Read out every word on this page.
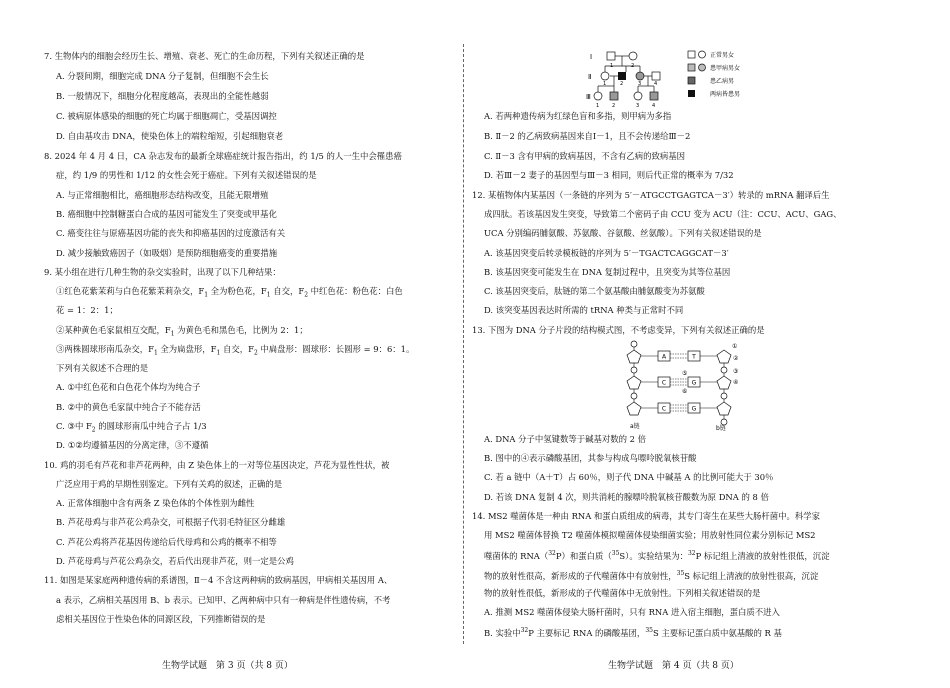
7. 生物体内的细胞会经历生长、增殖、衰老、死亡的生命历程，下列有关叙述正确的是
A. 分裂间期，细胞完成 DNA 分子复制，但细胞不会生长
B. 一般情况下，细胞分化程度越高，表现出的全能性越弱
C. 被病原体感染的细胞的死亡均属于细胞凋亡，受基因调控
D. 自由基攻击 DNA，使染色体上的端粒缩短，引起细胞衰老
8. 2024 年 4 月 4 日，CA 杂志发布的最新全球癌症统计报告指出，约 1/5 的人一生中会罹患癌
症，约 1/9 的男性和 1/12 的女性会死于癌症。下列有关叙述错误的是
A. 与正常细胞相比，癌细胞形态结构改变，且能无限增殖
B. 癌细胞中控制糖蛋白合成的基因可能发生了突变或甲基化
C. 癌变往往与原癌基因功能的丧失和抑癌基因的过度激活有关
D. 减少接触致癌因子（如吸烟）是预防细胞癌变的重要措施
9. 某小组在进行几种生物的杂交实验时，出现了以下几种结果：
①红色花紫茉莉与白色花紫茉莉杂交，$F_1$ 全为粉色花，$F_1$ 自交，$F_2$ 中红色花：粉色花：白色
花 = 1：2：1；
②某种黄色毛家鼠相互交配，$F_1$ 为黄色毛和黑色毛，比例为 2：1；
③两株圆球形南瓜杂交，$F_1$ 全为扁盘形，$F_1$ 自交，$F_2$ 中扁盘形：圆球形：长圆形 = 9：6：1。
下列有关叙述不合理的是
A. ①中红色花和白色花个体均为纯合子
B. ②中的黄色毛家鼠中纯合子不能存活
C. ③中 $F_2$ 的圆球形南瓜中纯合子占 1/3
D. ①②均遵循基因的分离定律，③不遵循
10. 鸡的羽毛有芦花和非芦花两种，由 Z 染色体上的一对等位基因决定，芦花为显性性状，被
广泛应用于鸡的早期性别鉴定。下列有关鸡的叙述，正确的是
A. 正常体细胞中含有两条 Z 染色体的个体性别为雌性
B. 芦花母鸡与非芦花公鸡杂交，可根据子代羽毛特征区分雌雄
C. 芦花公鸡将芦花基因传递给后代母鸡和公鸡的概率不相等
D. 芦花母鸡与芦花公鸡杂交，若后代出现非芦花，则一定是公鸡
11. 如图是某家庭两种遗传病的系谱图，Ⅱ－4 不含这两种病的致病基因，甲病相关基因用 A、
a 表示，乙病相关基因用 B、b 表示。已知甲、乙两种病中只有一种病是伴性遗传病，不考
虑相关基因位于性染色体的同源区段，下列推断错误的是
生物学试题　第 3 页（共 8 页）
Ⅰ
Ⅱ
Ⅲ
1	2
1	2	3	4
1	2	3	4
正常男女
患甲病男女
患乙病男
两病皆患男
A. 若两种遗传病为红绿色盲和多指，则甲病为多指
B. Ⅱ－2 的乙病致病基因来自Ⅰ－1，且不会传递给Ⅲ－2
C. Ⅱ－3 含有甲病的致病基因，不含有乙病的致病基因
D. 若Ⅲ－2 妻子的基因型与Ⅲ－3 相同，则后代正常的概率为 7/32
12. 某植物体内某基因（一条链的序列为 5′－ATGCCTGAGTCA－3′）转录的 mRNA 翻译后生
成四肽。若该基因发生突变，导致第二个密码子由 CCU 变为 ACU（注：CCU、ACU、GAG、
UCA 分别编码脯氨酸、苏氨酸、谷氨酸、丝氨酸）。下列有关叙述错误的是
A. 该基因突变后转录模板链的序列为 5′－TGACTCAGGCAT－3′
B. 该基因突变可能发生在 DNA 复制过程中，且突变为其等位基因
C. 该基因突变后，肽链的第二个氨基酸由脯氨酸变为苏氨酸
D. 该突变基因表达时所需的 tRNA 种类与正常时不同
13. 下图为 DNA 分子片段的结构模式图，不考虑变异，下列有关叙述正确的是
A
C
C
T
G
G
①
②
③
④
⑤
⑥
a链	b链
A. DNA 分子中氢键数等于碱基对数的 2 倍
B. 图中的④表示磷酸基团，其参与构成鸟嘌呤脱氧核苷酸
C. 若 a 链中（A＋T）占 60％，则子代 DNA 中碱基 A 的比例可能大于 30％
D. 若该 DNA 复制 4 次，则共消耗的腺嘌呤脱氧核苷酸数为原 DNA 的 8 倍
14. MS2 噬菌体是一种由 RNA 和蛋白质组成的病毒，其专门寄生在某些大肠杆菌中。科学家
用 MS2 噬菌体替换 T2 噬菌体模拟噬菌体侵染细菌实验；用放射性同位素分别标记 MS2
噬菌体的 RNA（$^{32}$P）和蛋白质（$^{35}$S）。实验结果为：$^{32}$P 标记组上清液的放射性很低，沉淀
物的放射性很高，新形成的子代噬菌体中有放射性，$^{35}$S 标记组上清液的放射性很高，沉淀
物的放射性很低，新形成的子代噬菌体中无放射性。下列相关叙述错误的是
A. 推测 MS2 噬菌体侵染大肠杆菌时，只有 RNA 进入宿主细胞，蛋白质不进入
B. 实验中$^{32}$P 主要标记 RNA 的磷酸基团，$^{35}$S 主要标记蛋白质中氨基酸的 R 基
生物学试题　第 4 页（共 8 页）
